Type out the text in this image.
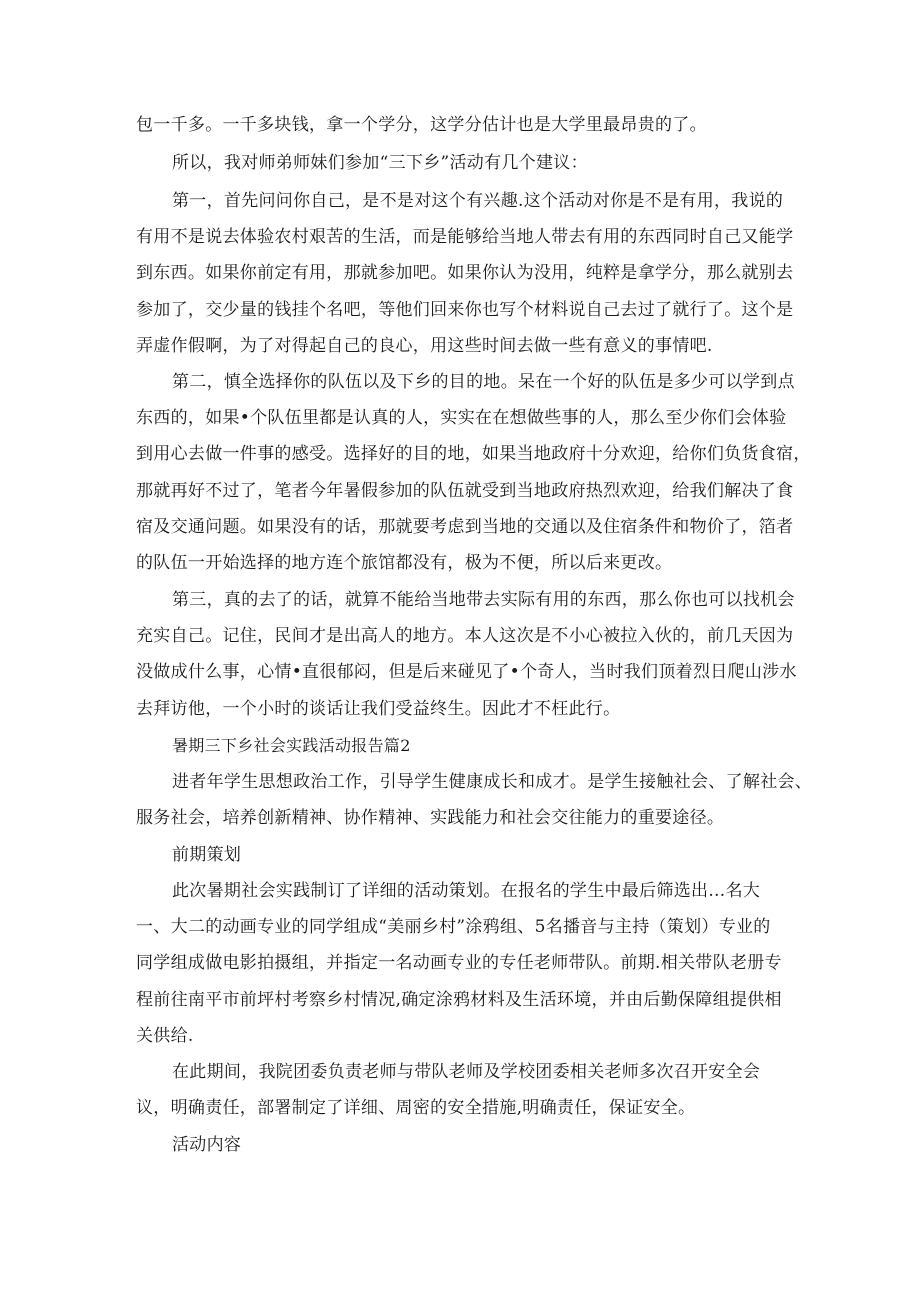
包一千多。一千多块钱，拿一个学分，这学分估计也是大学里最昂贵的了。

所以，我对师弟师妹们参加“三下乡”活动有几个建议：

第一，首先问问你自己，是不是对这个有兴趣.这个活动对你是不是有用，我说的
有用不是说去体验农村艰苦的生活，而是能够给当地人带去有用的东西同时自己又能学
到东西。如果你前定有用，那就参加吧。如果你认为没用，纯粹是拿学分，那么就别去
参加了，交少量的钱挂个名吧，等他们回来你也写个材料说自己去过了就行了。这个是
弄虚作假啊，为了对得起自己的良心，用这些时间去做一些有意义的事情吧.

第二，慎全选择你的队伍以及下乡的目的地。呆在一个好的队伍是多少可以学到点
东西的，如果•个队伍里都是认真的人，实实在在想做些事的人，那么至少你们会体验
到用心去做一件事的感受。选择好的目的地，如果当地政府十分欢迎，给你们负货食宿，
那就再好不过了，笔者今年暑假参加的队伍就受到当地政府热烈欢迎，给我们解决了食
宿及交通问题。如果没有的话，那就要考虑到当地的交通以及住宿条件和物价了，箔者
的队伍一开始选择的地方连个旅馆都没有，极为不便，所以后来更改。

第三，真的去了的话，就算不能给当地带去实际有用的东西，那么你也可以找机会
充实自己。记住，民间才是出高人的地方。本人这次是不小心被拉入伙的，前几天因为
没做成什么事，心情•直很郁闷，但是后来碰见了•个奇人，当时我们顶着烈日爬山涉水
去拜访他，一个小时的谈话让我们受益终生。因此才不枉此行。

暑期三下乡社会实践活动报告篇2

进者年学生思想政治工作，引导学生健康成长和成才。是学生接触社会、了解社会、
服务社会，培养创新精神、协作精神、实践能力和社会交往能力的重要途径。

前期策划

此次暑期社会实践制订了详细的活动策划。在报名的学生中最后筛选出…名大
一、大二的动画专业的同学组成“美丽乡村”涂鸦组、5名播音与主持（策划）专业的
同学组成做电影拍摄组，并指定一名动画专业的专任老师带队。前期.相关带队老册专
程前往南平市前坪村考察乡村情况,确定涂鸦材料及生活环境，并由后勤保障组提供相
关供给.

在此期间，我院团委负责老师与带队老师及学校团委相关老师多次召开安全会
议，明确责任，部署制定了详细、周密的安全措施,明确责任，保证安全。

活动内容
